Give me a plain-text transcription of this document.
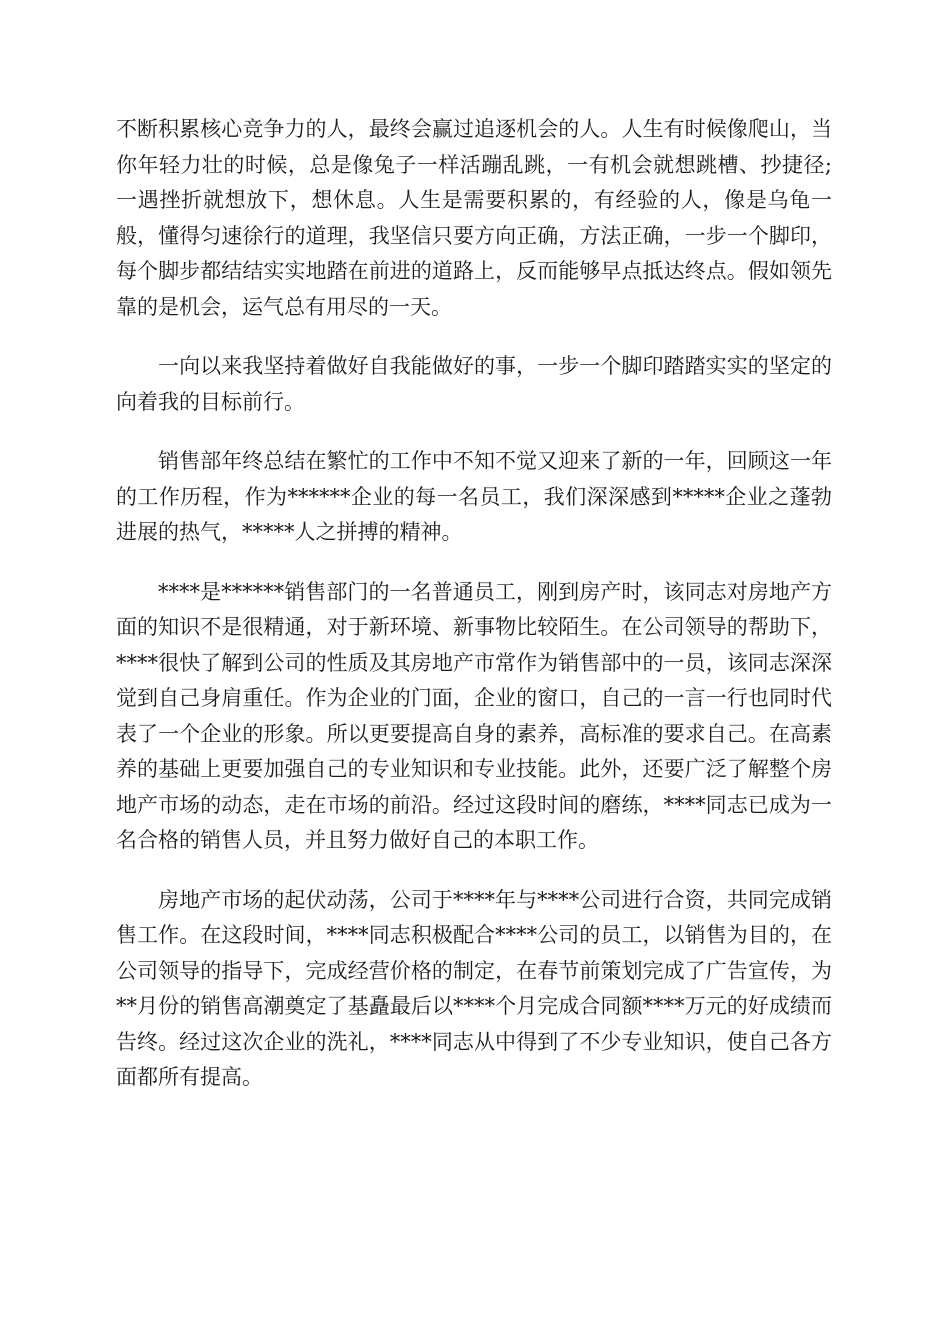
不断积累核心竞争力的人，最终会赢过追逐机会的人。人生有时候像爬山，当你年轻力壮的时候，总是像兔子一样活蹦乱跳，一有机会就想跳槽、抄捷径;一遇挫折就想放下，想休息。人生是需要积累的，有经验的人，像是乌龟一般，懂得匀速徐行的道理，我坚信只要方向正确，方法正确，一步一个脚印，每个脚步都结结实实地踏在前进的道路上，反而能够早点抵达终点。假如领先靠的是机会，运气总有用尽的一天。

一向以来我坚持着做好自我能做好的事，一步一个脚印踏踏实实的坚定的向着我的目标前行。

销售部年终总结在繁忙的工作中不知不觉又迎来了新的一年，回顾这一年的工作历程，作为******企业的每一名员工，我们深深感到*****企业之蓬勃进展的热气，*****人之拼搏的精神。

****是******销售部门的一名普通员工，刚到房产时，该同志对房地产方面的知识不是很精通，对于新环境、新事物比较陌生。在公司领导的帮助下，****很快了解到公司的性质及其房地产市常作为销售部中的一员，该同志深深觉到自己身肩重任。作为企业的门面，企业的窗口，自己的一言一行也同时代表了一个企业的形象。所以更要提高自身的素养，高标准的要求自己。在高素养的基础上更要加强自己的专业知识和专业技能。此外，还要广泛了解整个房地产市场的动态，走在市场的前沿。经过这段时间的磨练，****同志已成为一名合格的销售人员，并且努力做好自己的本职工作。

房地产市场的起伏动荡，公司于****年与****公司进行合资，共同完成销售工作。在这段时间，****同志积极配合****公司的员工，以销售为目的，在公司领导的指导下，完成经营价格的制定，在春节前策划完成了广告宣传，为**月份的销售高潮奠定了基矗最后以****个月完成合同额****万元的好成绩而告终。经过这次企业的洗礼，****同志从中得到了不少专业知识，使自己各方面都所有提高。
